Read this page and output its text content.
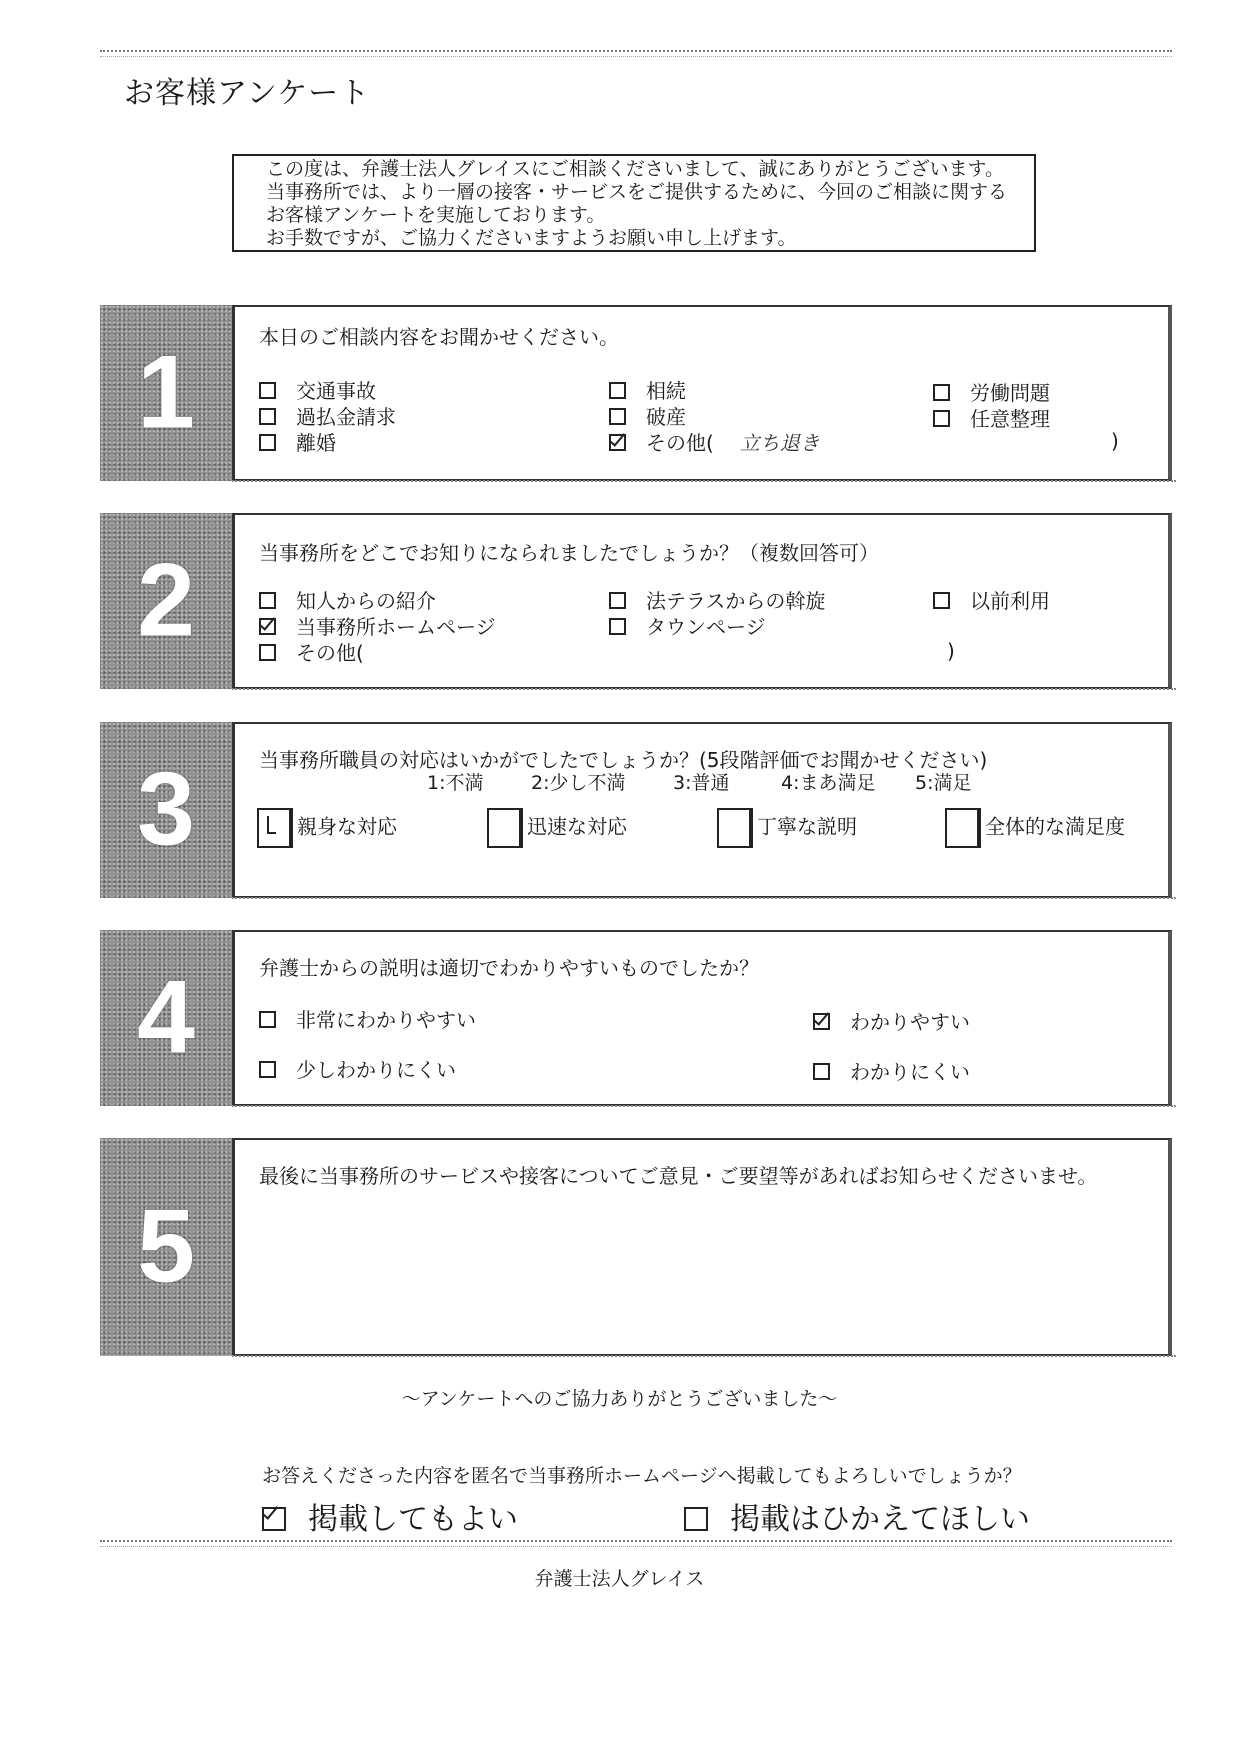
お客様アンケート
この度は、弁護士法人グレイスにご相談くださいまして、誠にありがとうございます。
当事務所では、より一層の接客・サービスをご提供するために、今回のご相談に関する
お客様アンケートを実施しております。
お手数ですが、ご協力くださいますようお願い申し上げます。
1	本日のご相談内容をお聞かせください。
交通事故
過払金請求
離婚
相続
破産
その他( 立ち退き	)
労働問題
任意整理
2	当事務所をどこでお知りになられましたでしょうか？（複数回答可）
知人からの紹介
当事務所ホームページ
その他(	)
法テラスからの斡旋
タウンページ
以前利用
3	当事務所職員の対応はいかがでしたでしょうか？(5段階評価でお聞かせください)
1:不満	2:少し不満	3:普通	4:まあ満足 5:満足
親身な対応	迅速な対応	丁寧な説明	全体的な満足度
4	弁護士からの説明は適切でわかりやすいものでしたか？
非常にわかりやすい
少しわかりにくい
わかりやすい
わかりにくい
5
最後に当事務所のサービスや接客についてご意見・ご要望等があればお知らせくださいませ。
～アンケートへのご協力ありがとうございました～
お答えくださった内容を匿名で当事務所ホームページへ掲載してもよろしいでしょうか？
掲載してもよい	掲載はひかえてほしい
弁護士法人グレイス
